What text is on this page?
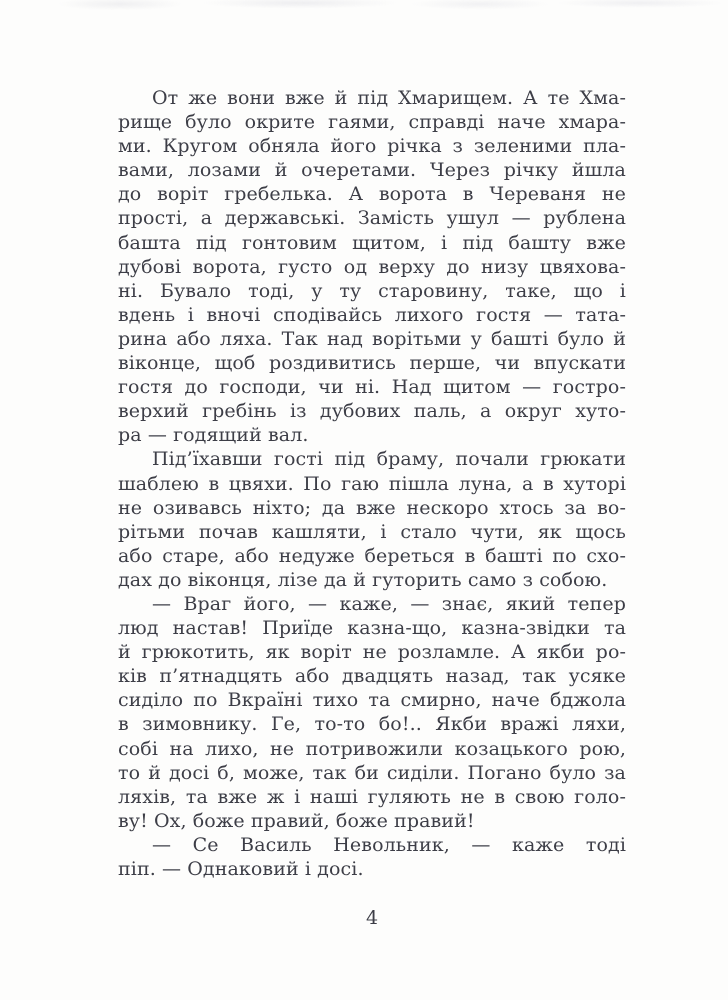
От же вони вже й під Хмарищем. А те Хма-
рище було окрите гаями, справді наче хмара-
ми. Кругом обняла його річка з зеленими пла-
вами, лозами й очеретами. Через річку йшла
до воріт гребелька. А ворота в Череваня не
прості, а державські. Замість ушул — рублена
башта під гонтовим щитом, і під башту вже
дубові ворота, густо од верху до низу цвяхова-
ні. Бувало тоді, у ту старовину, таке, що і
вдень і вночі сподівайсь лихого гостя — тата-
рина або ляха. Так над ворітьми у башті було й
віконце, щоб роздивитись перше, чи впускати
гостя до господи, чи ні. Над щитом — гостро-
верхий гребінь із дубових паль, а округ хуто-
ра — годящий вал.

Під’їхавши гості під браму, почали грюкати
шаблею в цвяхи. По гаю пішла луна, а в хуторі
не озивавсь ніхто; да вже нескоро хтось за во-
рітьми почав кашляти, і стало чути, як щось
або старе, або недуже береться в башті по схо-
дах до віконця, лізе да й гуторить само з собою.

— Враг його, — каже, — знає, який тепер
люд настав! Приїде казна-що, казна-звідки та
й грюкотить, як воріт не розламле. А якби ро-
ків п’ятнадцять або двадцять назад, так усяке
сиділо по Вкраїні тихо та смирно, наче бджола
в зимовнику. Ге, то-то бо!.. Якби вражі ляхи,
собі на лихо, не потривожили козацького рою,
то й досі б, може, так би сиділи. Погано було за
ляхів, та вже ж і наші гуляють не в свою голо-
ву! Ох, боже правий, боже правий!

— Се Василь Невольник, — каже тоді
піп. — Однаковий і досі.

4
